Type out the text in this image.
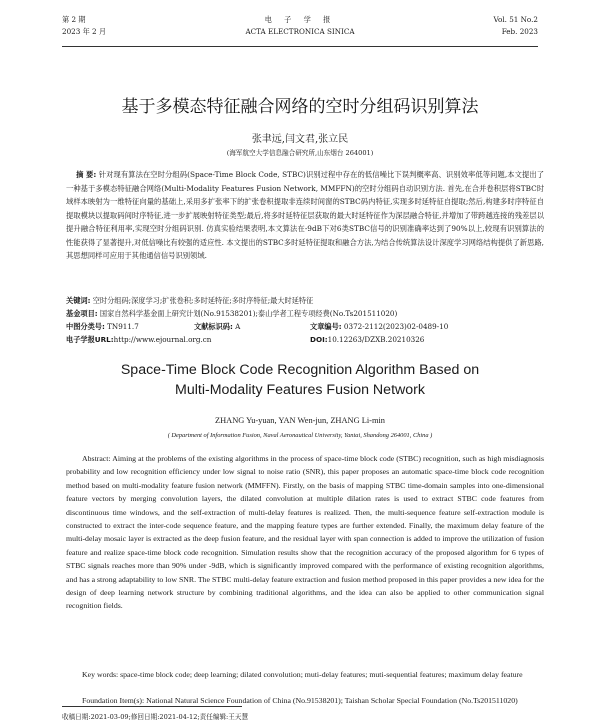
第 2 期
2023 年 2 月
电 子 学 报
ACTA ELECTRONICA SINICA
Vol. 51 No.2
Feb. 2023
基于多模态特征融合网络的空时分组码识别算法
张聿远,闫文君,张立民
(海军航空大学信息融合研究所,山东烟台 264001)
摘 要: 针对现有算法在空时分组码(Space-Time Block Code, STBC)识别过程中存在的低信噪比下误判概率高、识别效率低等问题,本文提出了一种基于多模态特征融合网络(Multi-Modality Features Fusion Network, MMFFN)的空时分组码自动识别方法. 首先,在合并卷积层将STBC时域样本映射为一维特征向量的基础上,采用多扩张率下的扩张卷积提取非连续时间窗的STBC码内特征,实现多时延特征自提取;然后,构建多时序特征自提取模块以提取码间时序特征,进一步扩展映射特征类型;最后,将多时延特征层获取的最大时延特征作为深层融合特征,并增加了带跨越连接的残差层以提升融合特征利用率,实现空时分组码识别. 仿真实验结果表明,本文算法在-9dB下对6类STBC信号的识别准确率达到了90%以上,较现有识别算法的性能获得了显著提升,对低信噪比有较强的适应性. 本文提出的STBC多时延特征提取和融合方法,为结合传统算法设计深度学习网络结构提供了新思路,其思想同样可应用于其他通信信号识别领域.
关键词: 空时分组码;深度学习;扩张卷积;多时延特征;多时序特征;最大时延特征
基金项目: 国家自然科学基金面上研究计划(No.91538201);泰山学者工程专项经费(No.Ts201511020)
中图分类号: TN911.7	文献标识码: A	文章编号: 0372-2112(2023)02-0489-10
电子学报URL:http://www.ejournal.org.cn	DOI:10.12263/DZXB.20210326
Space-Time Block Code Recognition Algorithm Based on
Multi-Modality Features Fusion Network
ZHANG Yu-yuan, YAN Wen-jun, ZHANG Li-min
( Department of Information Fusion, Naval Aeronautical University, Yantai, Shandong 264001, China )
Abstract: Aiming at the problems of the existing algorithms in the process of space-time block code (STBC) recognition, such as high misdiagnosis probability and low recognition efficiency under low signal to noise ratio (SNR), this paper proposes an automatic space-time block code recognition method based on multi-modality feature fusion network (MMFFN). Firstly, on the basis of mapping STBC time-domain samples into one-dimensional feature vectors by merging convolution layers, the dilated convolution at multiple dilation rates is used to extract STBC code features from discontinuous time windows, and the self-extraction of multi-delay features is realized. Then, the multi-sequence feature self-extraction module is constructed to extract the inter-code sequence feature, and the mapping feature types are further extended. Finally, the maximum delay feature of the multi-delay mosaic layer is extracted as the deep fusion feature, and the residual layer with span connection is added to improve the utilization of fusion feature and realize space-time block code recognition. Simulation results show that the recognition accuracy of the proposed algorithm for 6 types of STBC signals reaches more than 90% under -9dB, which is significantly improved compared with the performance of existing recognition algorithms, and has a strong adaptability to low SNR. The STBC multi-delay feature extraction and fusion method proposed in this paper provides a new idea for the design of deep learning network structure by combining traditional algorithms, and the idea can also be applied to other communication signal recognition fields.
Key words: space-time block code; deep learning; dilated convolution; muti-delay features; muti-sequential features; maximum delay feature
Foundation Item(s): National Natural Science Foundation of China (No.91538201); Taishan Scholar Special Foundation (No.Ts201511020)
收稿日期:2021-03-09;修回日期:2021-04-12;责任编辑:王天慧
